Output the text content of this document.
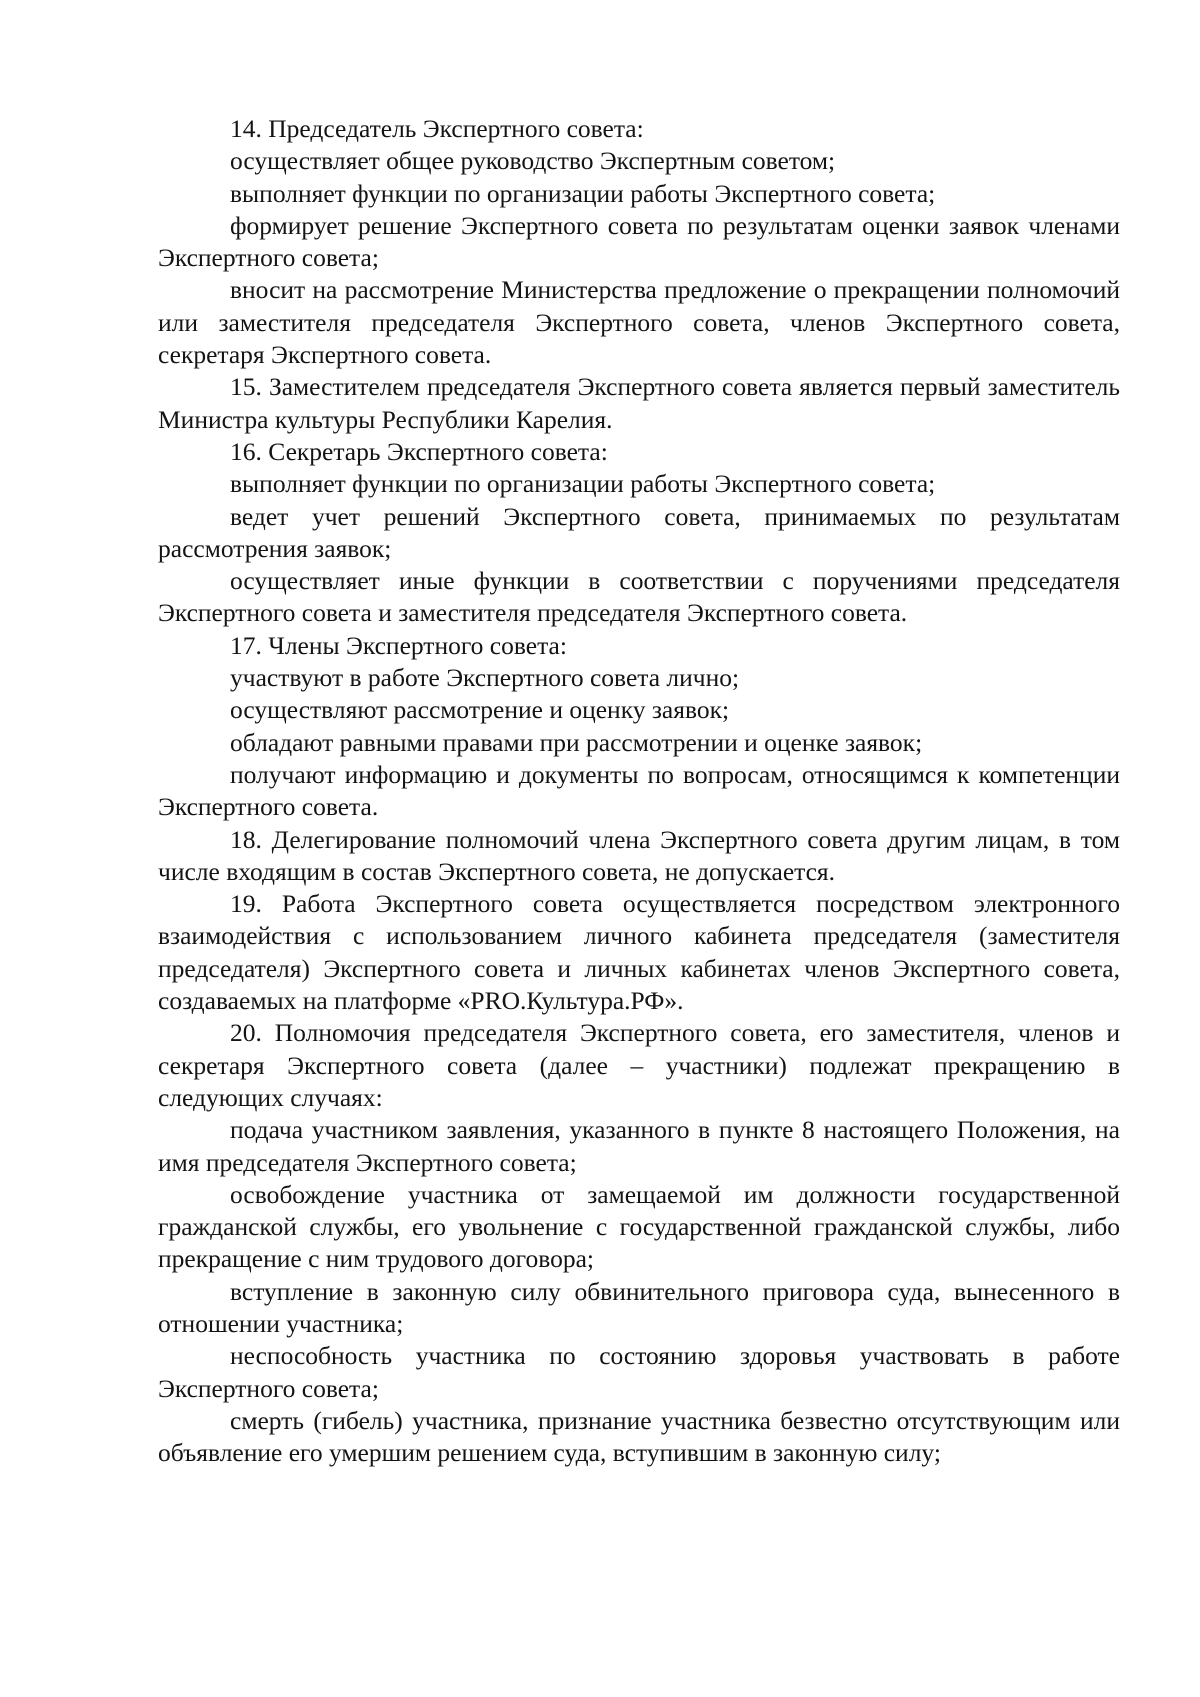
14. Председатель Экспертного совета:

осуществляет общее руководство Экспертным советом;

выполняет функции по организации работы Экспертного совета;

формирует решение Экспертного совета по результатам оценки заявок членами Экспертного совета;

вносит на рассмотрение Министерства предложение о прекращении полномочий или заместителя председателя Экспертного совета, членов Экспертного совета, секретаря Экспертного совета.

15. Заместителем председателя Экспертного совета является первый заместитель Министра культуры Республики Карелия.

16. Секретарь Экспертного совета:

выполняет функции по организации работы Экспертного совета;

ведет учет решений Экспертного совета, принимаемых по результатам рассмотрения заявок;

осуществляет иные функции в соответствии с поручениями председателя Экспертного совета и заместителя председателя Экспертного совета.

17. Члены Экспертного совета:

участвуют в работе Экспертного совета лично;

осуществляют рассмотрение и оценку заявок;

обладают равными правами при рассмотрении и оценке заявок;

получают информацию и документы по вопросам, относящимся к компетенции Экспертного совета.

18. Делегирование полномочий члена Экспертного совета другим лицам, в том числе входящим в состав Экспертного совета, не допускается.

19. Работа Экспертного совета осуществляется посредством электронного взаимодействия с использованием личного кабинета председателя (заместителя председателя) Экспертного совета и личных кабинетах членов Экспертного совета, создаваемых на платформе «PRO.Культура.РФ».

20. Полномочия председателя Экспертного совета, его заместителя, членов и секретаря Экспертного совета (далее – участники) подлежат прекращению в следующих случаях:

подача участником заявления, указанного в пункте 8 настоящего Положения, на имя председателя Экспертного совета;

освобождение участника от замещаемой им должности государственной гражданской службы, его увольнение с государственной гражданской службы, либо прекращение с ним трудового договора;

вступление в законную силу обвинительного приговора суда, вынесенного в отношении участника;

неспособность участника по состоянию здоровья участвовать в работе Экспертного совета;

смерть (гибель) участника, признание участника безвестно отсутствующим или объявление его умершим решением суда, вступившим в законную силу;
